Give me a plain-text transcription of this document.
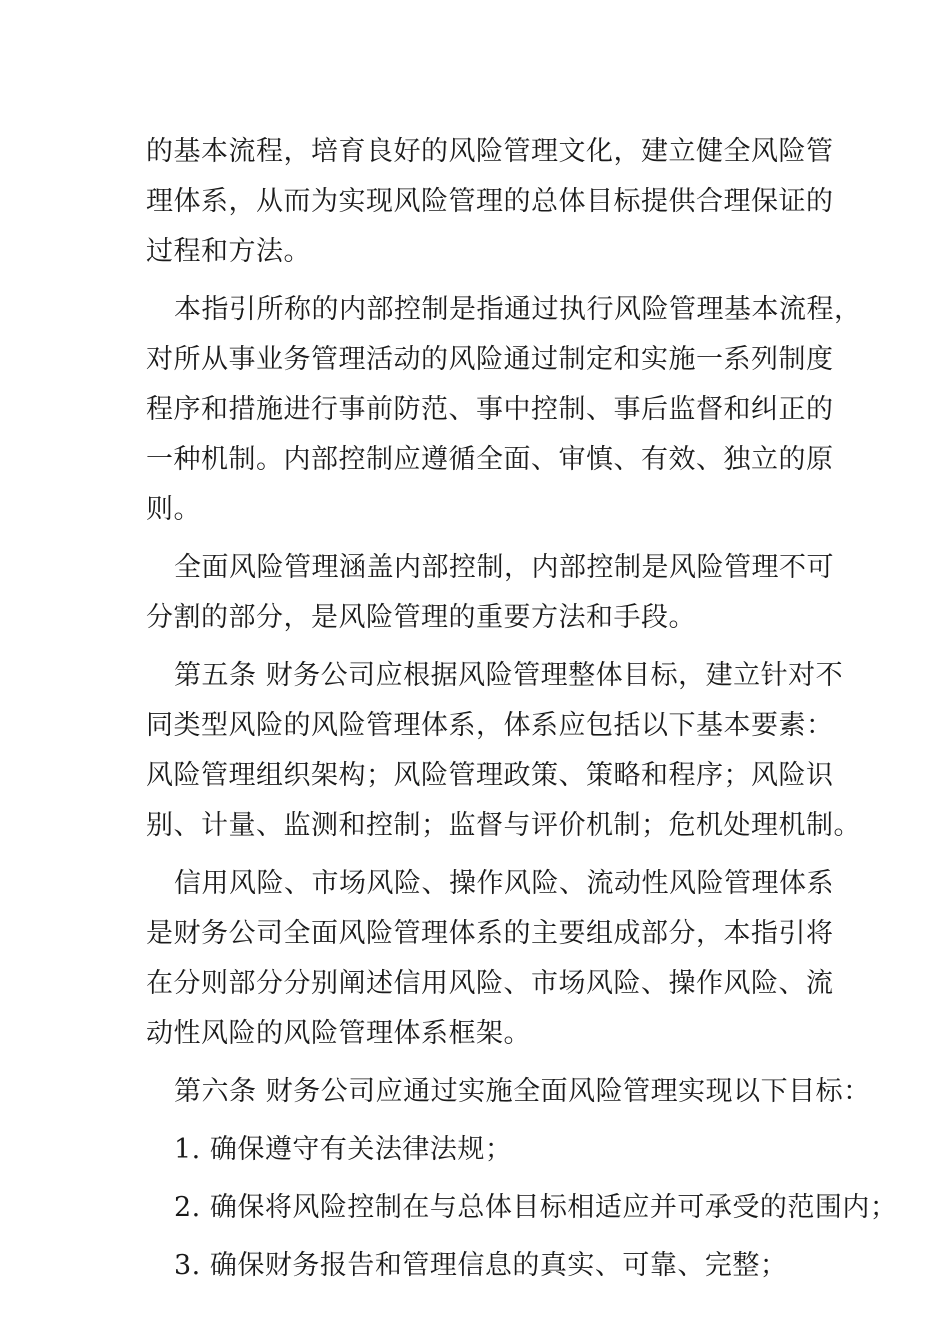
的基本流程，培育良好的风险管理文化，建立健全风险管
理体系，从而为实现风险管理的总体目标提供合理保证的
过程和方法。
本指引所称的内部控制是指通过执行风险管理基本流程，
对所从事业务管理活动的风险通过制定和实施一系列制度
程序和措施进行事前防范、事中控制、事后监督和纠正的
一种机制。内部控制应遵循全面、审慎、有效、独立的原
则。
全面风险管理涵盖内部控制，内部控制是风险管理不可
分割的部分，是风险管理的重要方法和手段。
第五条 财务公司应根据风险管理整体目标，建立针对不
同类型风险的风险管理体系，体系应包括以下基本要素：
风险管理组织架构；风险管理政策、策略和程序；风险识
别、计量、监测和控制；监督与评价机制；危机处理机制。
信用风险、市场风险、操作风险、流动性风险管理体系
是财务公司全面风险管理体系的主要组成部分，本指引将
在分则部分分别阐述信用风险、市场风险、操作风险、流
动性风险的风险管理体系框架。
第六条 财务公司应通过实施全面风险管理实现以下目标：
1. 确保遵守有关法律法规；
2. 确保将风险控制在与总体目标相适应并可承受的范围内；
3. 确保财务报告和管理信息的真实、可靠、完整；
